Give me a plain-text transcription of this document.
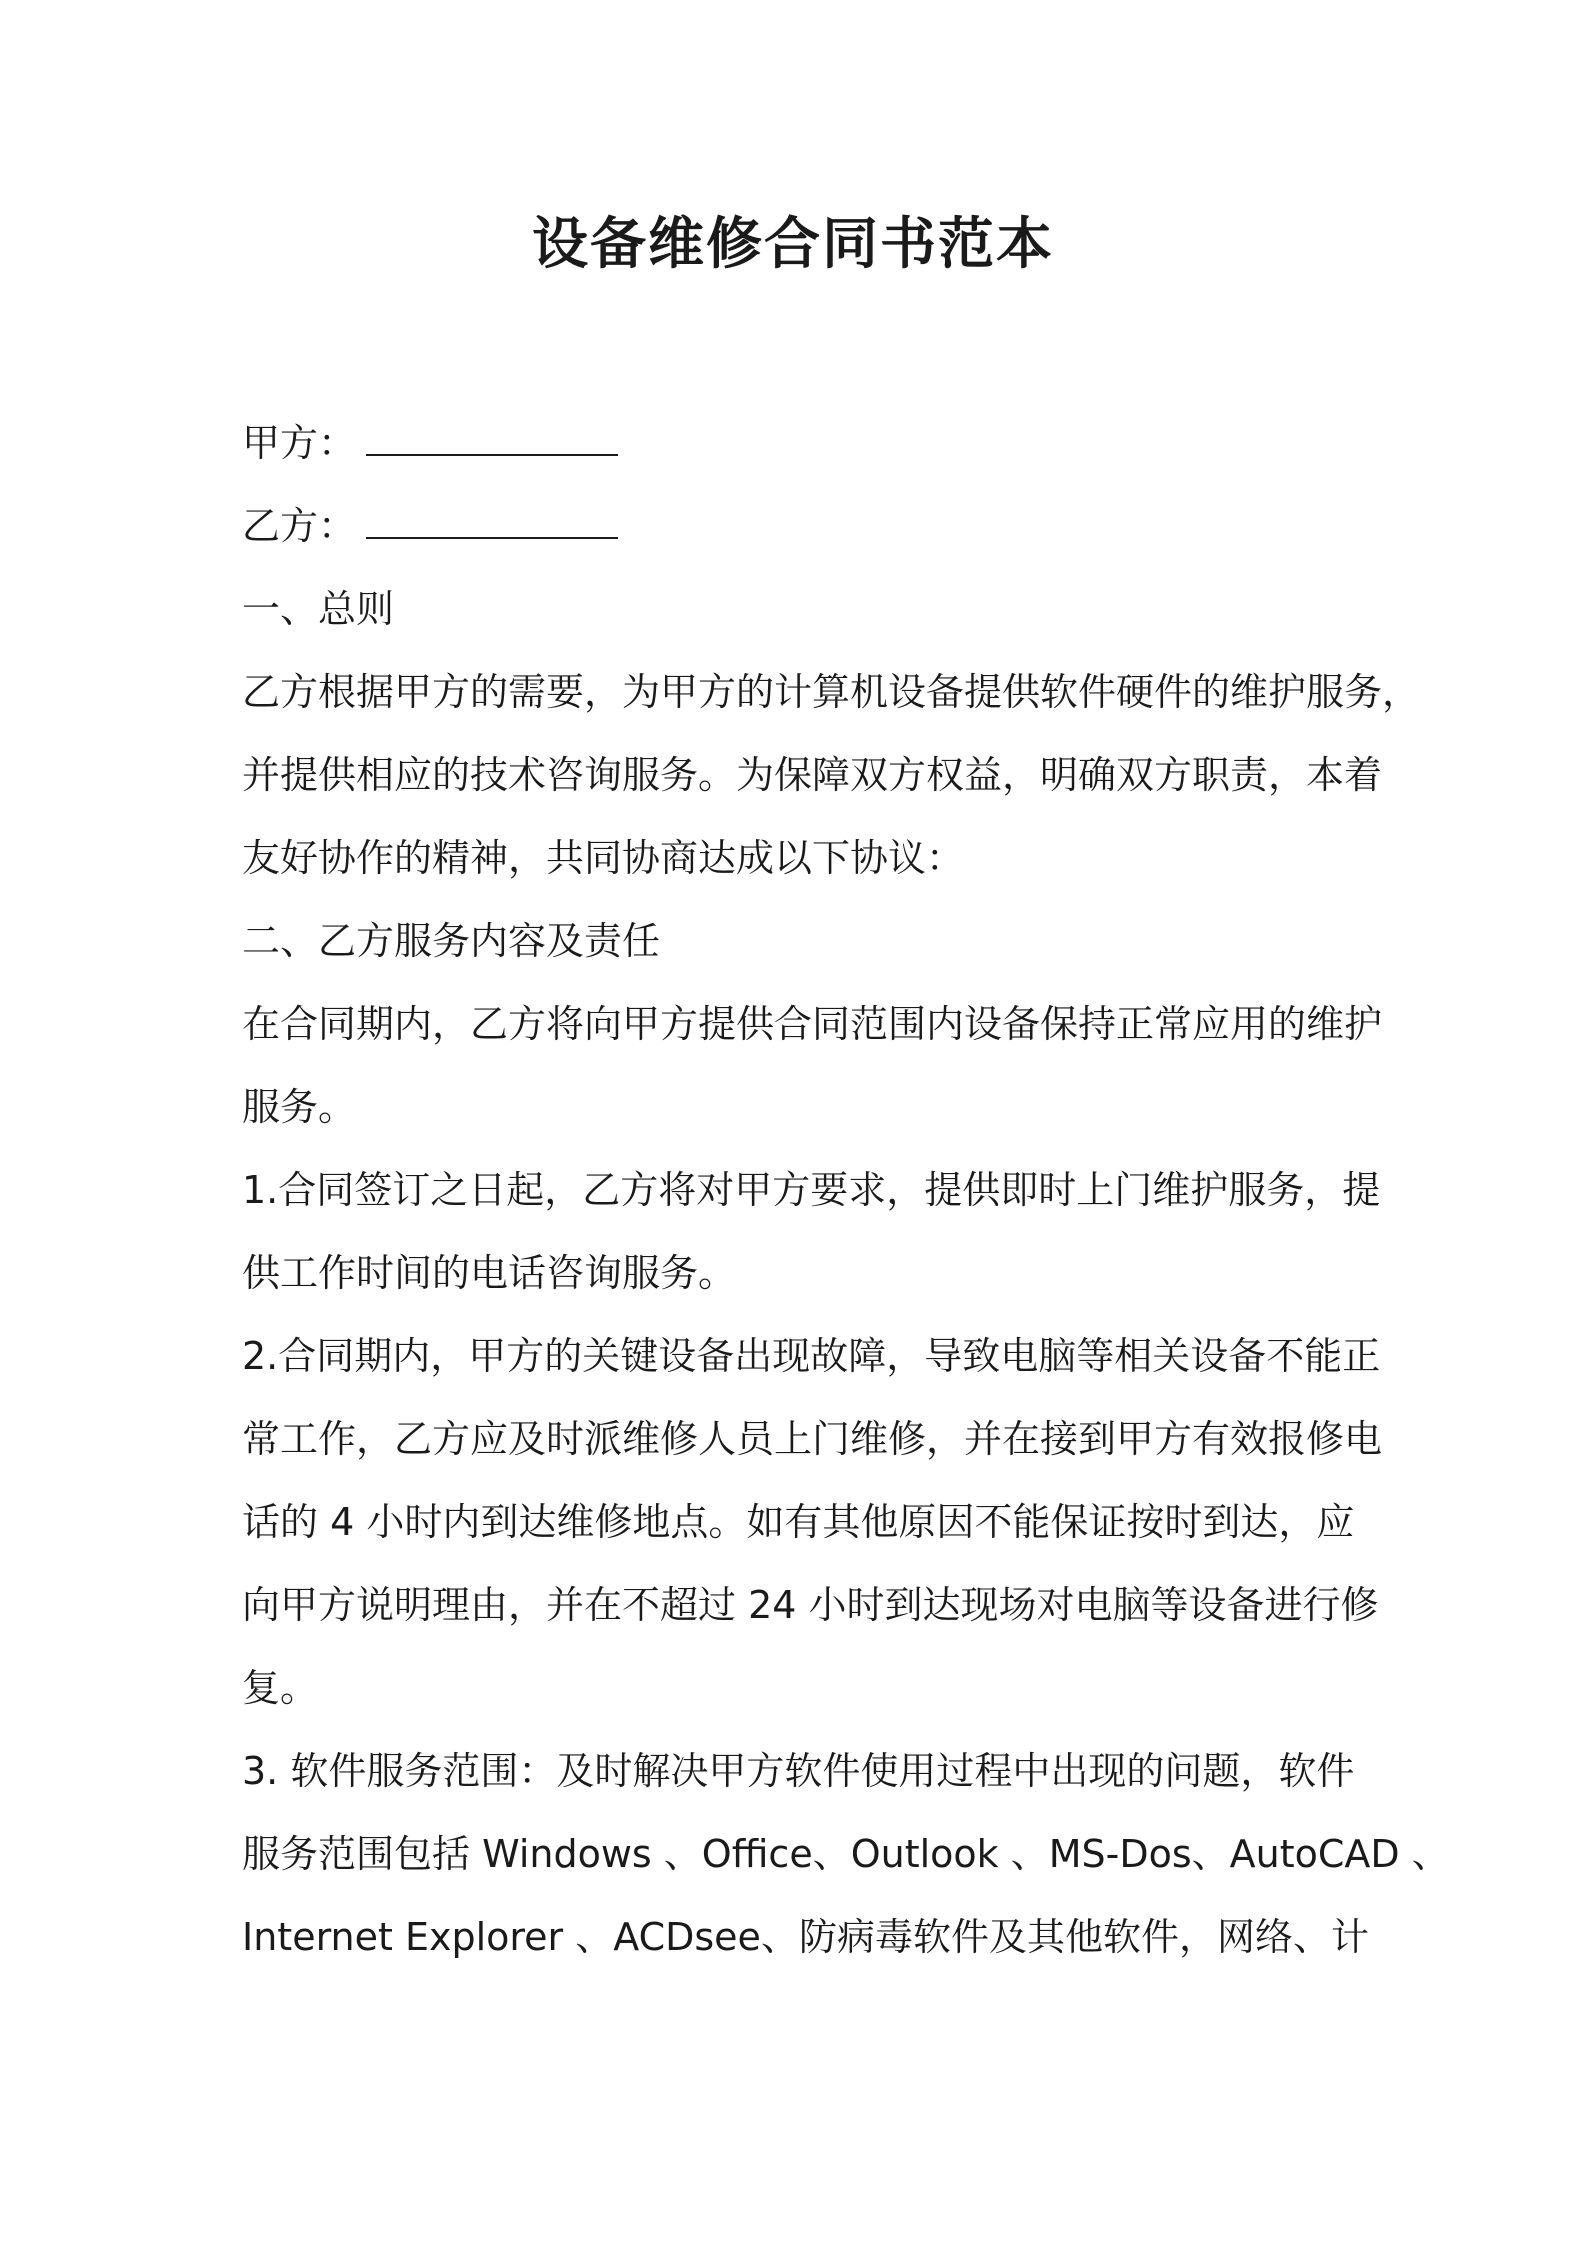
设备维修合同书范本
甲方：
乙方：
一、总则
乙方根据甲方的需要，为甲方的计算机设备提供软件硬件的维护服务，
并提供相应的技术咨询服务。为保障双方权益，明确双方职责，本着
友好协作的精神，共同协商达成以下协议：
二、乙方服务内容及责任
在合同期内，乙方将向甲方提供合同范围内设备保持正常应用的维护
服务。
1.合同签订之日起，乙方将对甲方要求，提供即时上门维护服务，提
供工作时间的电话咨询服务。
2.合同期内，甲方的关键设备出现故障，导致电脑等相关设备不能正
常工作，乙方应及时派维修人员上门维修，并在接到甲方有效报修电
话的 4 小时内到达维修地点。如有其他原因不能保证按时到达，应
向甲方说明理由，并在不超过 24 小时到达现场对电脑等设备进行修
复。
3. 软件服务范围：及时解决甲方软件使用过程中出现的问题，软件
服务范围包括 Windows 、Office、Outlook 、MS-Dos、AutoCAD 、
Internet Explorer 、ACDsee、防病毒软件及其他软件，网络、计
